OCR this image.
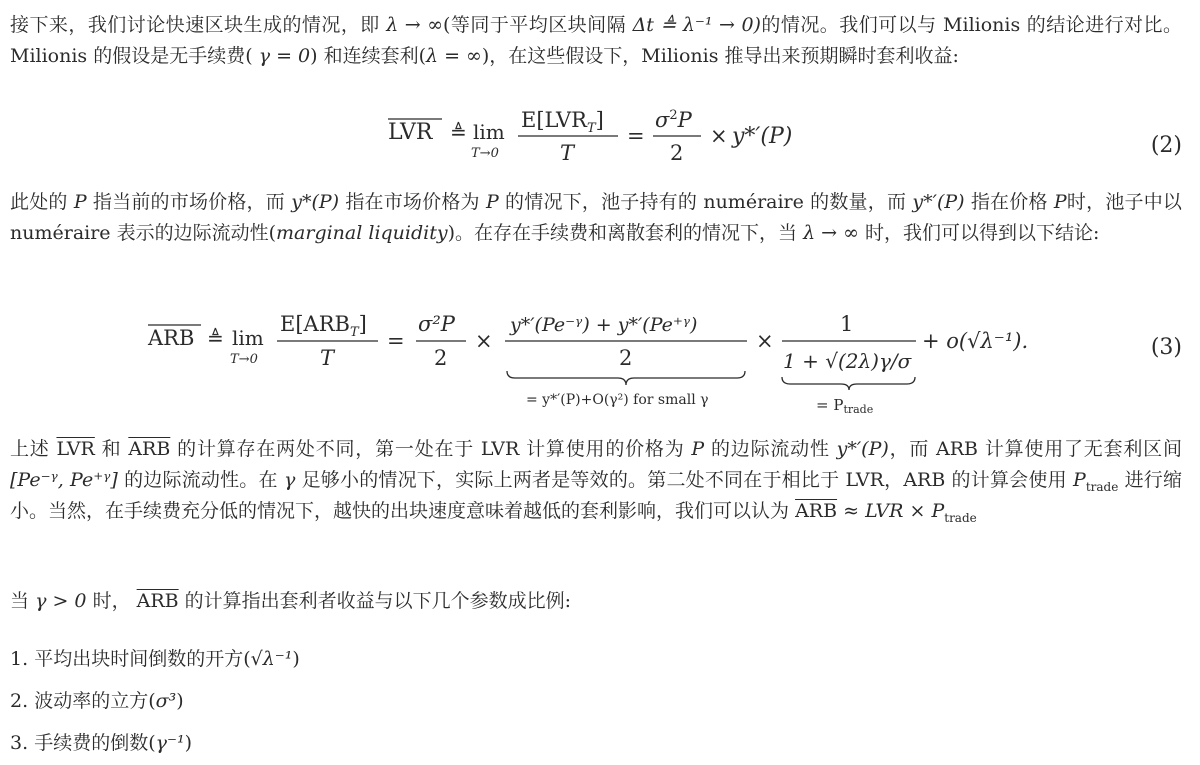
接下来，我们讨论快速区块生成的情况，即 λ → ∞(等同于平均区块间隔 Δt ≜ λ⁻¹ → 0)的情况。我们可以与 Milionis 的结论进行对比。Milionis 的假设是无手续费( γ = 0) 和连续套利(λ = ∞)，在这些假设下，Milionis 推导出来预期瞬时套利收益:

LVR ≜ lim
T→0
$E[LVR_T]$
T
=
$\sigma^2P$
2
× y*′(P)	(2)

此处的 P 指当前的市场价格，而 y*(P) 指在市场价格为 P 的情况下，池子持有的 numéraire 的数量，而 y*′(P) 指在价格 P时，池子中以 numéraire 表示的边际流动性(marginal liquidity)。在存在手续费和离散套利的情况下，当 λ → ∞ 时，我们可以得到以下结论:

ARB ≜ lim
T→0
$E[ARB_T]$
T
=
σ²P
2
×
y*′(Pe⁻ᵞ) + y*′(Pe⁺ᵞ)
2
= y*′(P)+O(γ²) for small γ
×
1
1 + √(2λ)γ/σ
= $P_{trade}$
+ o(√λ⁻¹).	(3)

上述 $\overline{LVR}$ 和 $\overline{ARB}$ 的计算存在两处不同，第一处在于 LVR 计算使用的价格为 P 的边际流动性 y*′(P)，而 ARB 计算使用了无套利区间 [Pe⁻ᵞ, Pe⁺ᵞ] 的边际流动性。在 γ 足够小的情况下，实际上两者是等效的。第二处不同在于相比于 LVR，ARB 的计算会使用 $P_{trade}$ 进行缩小。当然，在手续费充分低的情况下，越快的出块速度意味着越低的套利影响，我们可以认为 $\overline{ARB}$ ≈ LVR × $P_{trade}$

当 γ > 0 时， $\overline{ARB}$ 的计算指出套利者收益与以下几个参数成比例:

1. 平均出块时间倒数的开方(√λ⁻¹)
2. 波动率的立方(σ³)
3. 手续费的倒数(γ⁻¹)
